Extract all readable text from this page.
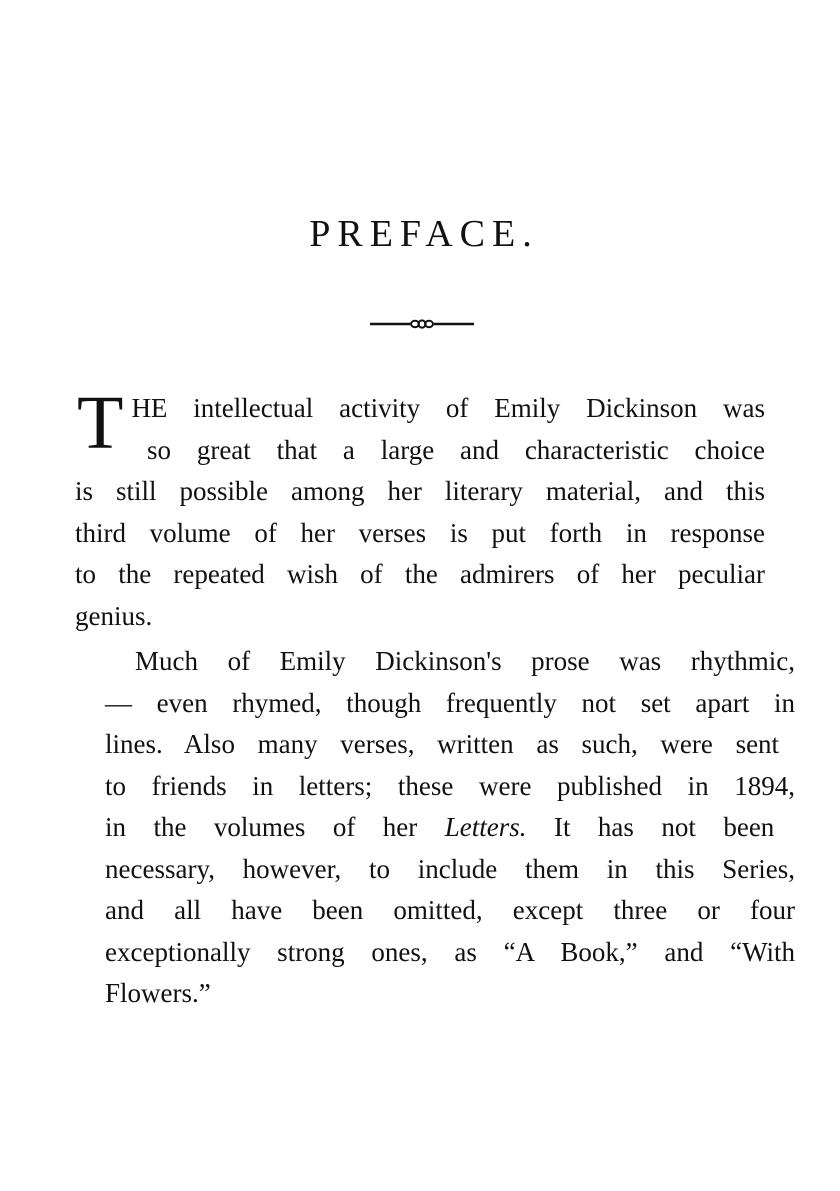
PREFACE.
T HE intellectual activity of Emily Dickinson was
so great that a large and characteristic choice
is still possible among her literary material, and this
third volume of her verses is put forth in response
to the repeated wish of the admirers of her peculiar
genius.
Much of Emily Dickinson's prose was rhythmic,
— even rhymed, though frequently not set apart in
lines. Also many verses, written as such, were sent
to friends in letters; these were published in 1894,
in the volumes of her Letters. It has not been
necessary, however, to include them in this Series,
and all have been omitted, except three or four
exceptionally strong ones, as “A Book,” and “With
Flowers.”
